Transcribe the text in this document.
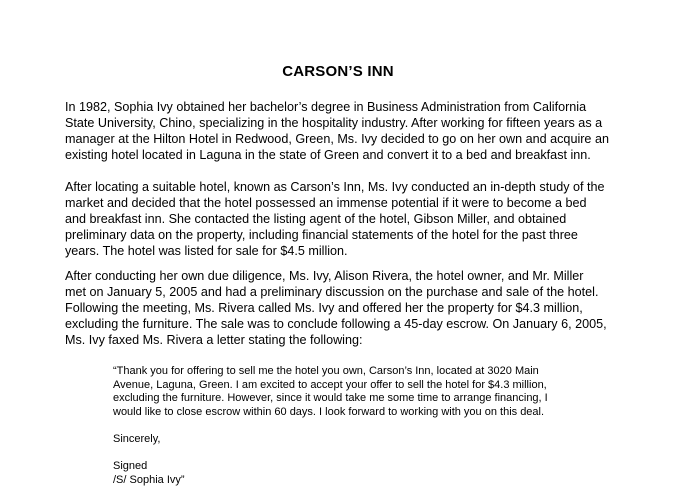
CARSON’S INN

In 1982, Sophia Ivy obtained her bachelor’s degree in Business Administration from California
State University, Chino, specializing in the hospitality industry. After working for fifteen years as a
manager at the Hilton Hotel in Redwood, Green, Ms. Ivy decided to go on her own and acquire an
existing hotel located in Laguna in the state of Green and convert it to a bed and breakfast inn.

After locating a suitable hotel, known as Carson’s Inn, Ms. Ivy conducted an in-depth study of the
market and decided that the hotel possessed an immense potential if it were to become a bed
and breakfast inn. She contacted the listing agent of the hotel, Gibson Miller, and obtained
preliminary data on the property, including financial statements of the hotel for the past three
years. The hotel was listed for sale for $4.5 million.

After conducting her own due diligence, Ms. Ivy, Alison Rivera, the hotel owner, and Mr. Miller
met on January 5, 2005 and had a preliminary discussion on the purchase and sale of the hotel.
Following the meeting, Ms. Rivera called Ms. Ivy and offered her the property for $4.3 million,
excluding the furniture. The sale was to conclude following a 45-day escrow. On January 6, 2005,
Ms. Ivy faxed Ms. Rivera a letter stating the following:

“Thank you for offering to sell me the hotel you own, Carson’s Inn, located at 3020 Main
Avenue, Laguna, Green. I am excited to accept your offer to sell the hotel for $4.3 million,
excluding the furniture. However, since it would take me some time to arrange financing, I
would like to close escrow within 60 days. I look forward to working with you on this deal.

Sincerely,

Signed
/S/ Sophia Ivy”
